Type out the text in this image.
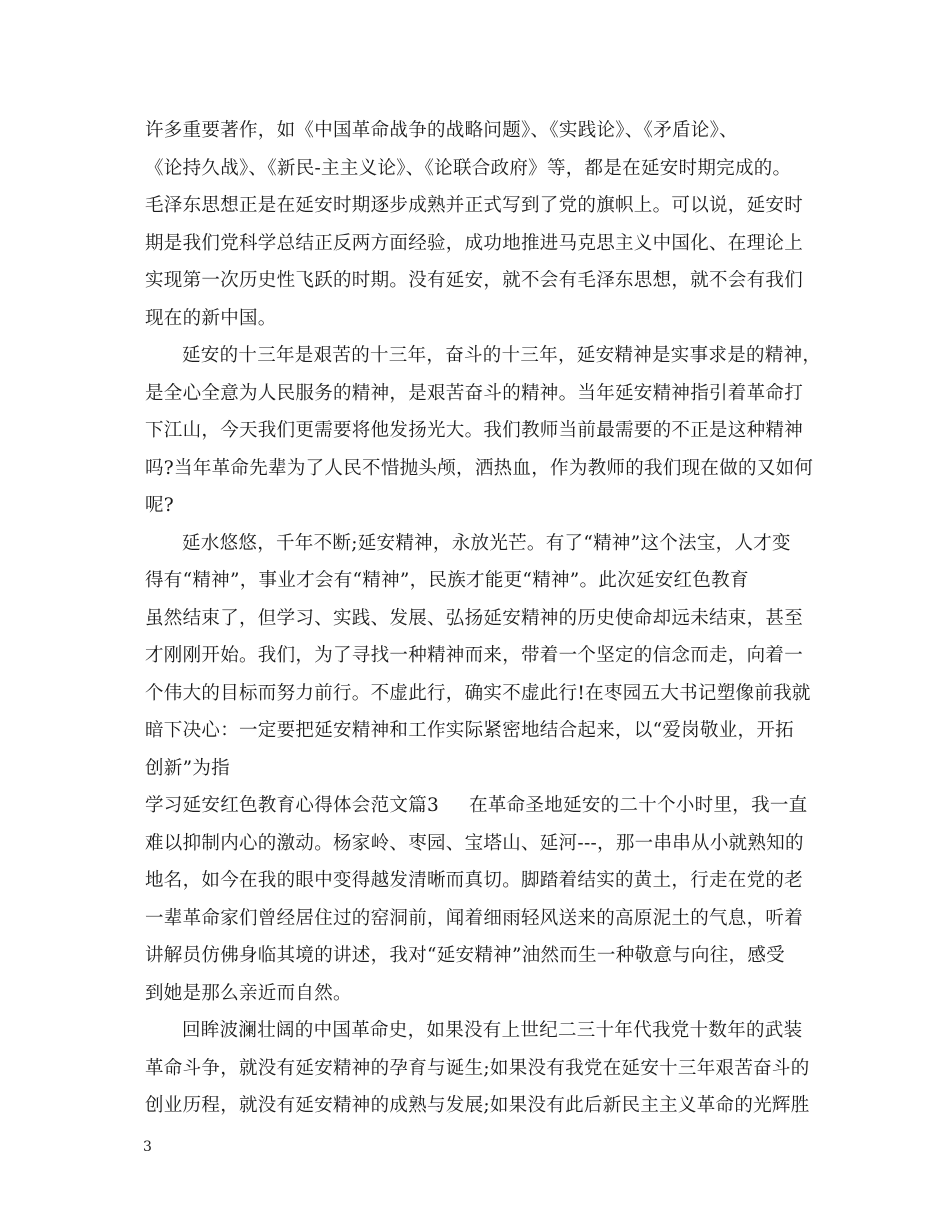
许多重要著作，如《中国革命战争的战略问题》、《实践论》、《矛盾论》、
《论持久战》、《新民-主主义论》、《论联合政府》等，都是在延安时期完成的。
毛泽东思想正是在延安时期逐步成熟并正式写到了党的旗帜上。可以说，延安时
期是我们党科学总结正反两方面经验，成功地推进马克思主义中国化、在理论上
实现第一次历史性飞跃的时期。没有延安，就不会有毛泽东思想，就不会有我们
现在的新中国。
延安的十三年是艰苦的十三年，奋斗的十三年，延安精神是实事求是的精神，
是全心全意为人民服务的精神，是艰苦奋斗的精神。当年延安精神指引着革命打
下江山，今天我们更需要将他发扬光大。我们教师当前最需要的不正是这种精神
吗?当年革命先辈为了人民不惜抛头颅，洒热血，作为教师的我们现在做的又如何
呢?
延水悠悠，千年不断;延安精神，永放光芒。有了“精神”这个法宝，人才变
得有“精神”，事业才会有“精神”，民族才能更“精神”。此次延安红色教育
虽然结束了，但学习、实践、发展、弘扬延安精神的历史使命却远未结束，甚至
才刚刚开始。我们，为了寻找一种精神而来，带着一个坚定的信念而走，向着一
个伟大的目标而努力前行。不虚此行，确实不虚此行!在枣园五大书记塑像前我就
暗下决心：一定要把延安精神和工作实际紧密地结合起来，以“爱岗敬业，开拓
创新”为指
学习延安红色教育心得体会范文篇3 在革命圣地延安的二十个小时里，我一直
难以抑制内心的激动。杨家岭、枣园、宝塔山、延河---，那一串串从小就熟知的
地名，如今在我的眼中变得越发清晰而真切。脚踏着结实的黄土，行走在党的老
一辈革命家们曾经居住过的窑洞前，闻着细雨轻风送来的高原泥土的气息，听着
讲解员仿佛身临其境的讲述，我对“延安精神”油然而生一种敬意与向往，感受
到她是那么亲近而自然。
回眸波澜壮阔的中国革命史，如果没有上世纪二三十年代我党十数年的武装
革命斗争，就没有延安精神的孕育与诞生;如果没有我党在延安十三年艰苦奋斗的
创业历程，就没有延安精神的成熟与发展;如果没有此后新民主主义革命的光辉胜
3
